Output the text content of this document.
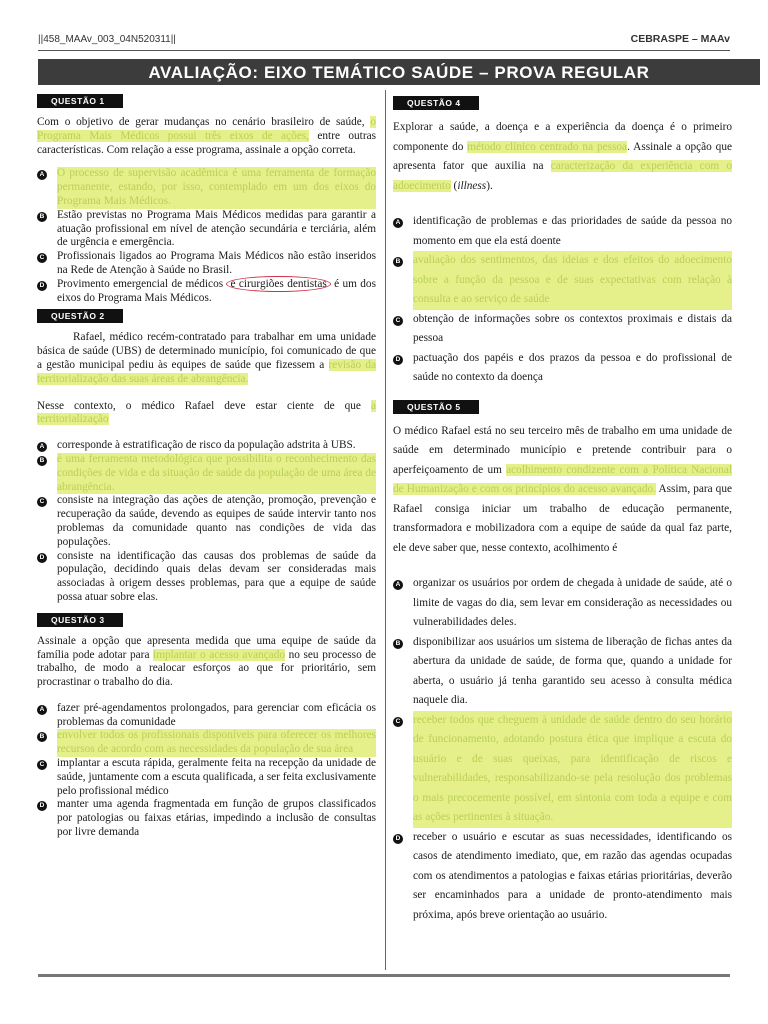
||458_MAAv_003_04N520311||	CEBRASPE – MAAv
AVALIAÇÃO: EIXO TEMÁTICO SAÚDE – PROVA REGULAR
QUESTÃO 1

Com o objetivo de gerar mudanças no cenário brasileiro de saúde, o Programa Mais Médicos possui três eixos de ações, entre outras características. Com relação a esse programa, assinale a opção correta.

A	O processo de supervisão acadêmica é uma ferramenta de formação permanente, estando, por isso, contemplado em um dos eixos do Programa Mais Médicos.
B	Estão previstas no Programa Mais Médicos medidas para garantir a atuação profissional em nível de atenção secundária e terciária, além de urgência e emergência.
C	Profissionais ligados ao Programa Mais Médicos não estão inseridos na Rede de Atenção à Saúde no Brasil.
D	Provimento emergencial de médicos e cirurgiões dentistas é um dos eixos do Programa Mais Médicos.
QUESTÃO 2

Rafael, médico recém-contratado para trabalhar em uma unidade básica de saúde (UBS) de determinado município, foi comunicado de que a gestão municipal pediu às equipes de saúde que fizessem a revisão da territorialização das suas áreas de abrangência.

Nesse contexto, o médico Rafael deve estar ciente de que a territorialização

A	corresponde à estratificação de risco da população adstrita à UBS.
B	é uma ferramenta metodológica que possibilita o reconhecimento das condições de vida e da situação de saúde da população de uma área de abrangência.
C	consiste na integração das ações de atenção, promoção, prevenção e recuperação da saúde, devendo as equipes de saúde intervir tanto nos problemas da comunidade quanto nas condições de vida das populações.
D	consiste na identificação das causas dos problemas de saúde da população, decidindo quais delas devam ser consideradas mais associadas à origem desses problemas, para que a equipe de saúde possa atuar sobre elas.
QUESTÃO 3

Assinale a opção que apresenta medida que uma equipe de saúde da família pode adotar para implantar o acesso avançado no seu processo de trabalho, de modo a realocar esforços ao que for prioritário, sem procrastinar o trabalho do dia.

A	fazer pré-agendamentos prolongados, para gerenciar com eficácia os problemas da comunidade
B	envolver todos os profissionais disponíveis para oferecer os melhores recursos de acordo com as necessidades da população de sua área
C	implantar a escuta rápida, geralmente feita na recepção da unidade de saúde, juntamente com a escuta qualificada, a ser feita exclusivamente pelo profissional médico
D	manter uma agenda fragmentada em função de grupos classificados por patologias ou faixas etárias, impedindo a inclusão de consultas por livre demanda
QUESTÃO 4

Explorar a saúde, a doença e a experiência da doença é o primeiro componente do método clínico centrado na pessoa. Assinale a opção que apresenta fator que auxilia na caracterização da experiência com o adoecimento (illness).

A	identificação de problemas e das prioridades de saúde da pessoa no momento em que ela está doente
B	avaliação dos sentimentos, das ideias e dos efeitos do adoecimento sobre a função da pessoa e de suas expectativas com relação à consulta e ao serviço de saúde
C	obtenção de informações sobre os contextos proximais e distais da pessoa
D	pactuação dos papéis e dos prazos da pessoa e do profissional de saúde no contexto da doença
QUESTÃO 5

O médico Rafael está no seu terceiro mês de trabalho em uma unidade de saúde em determinado município e pretende contribuir para o aperfeiçoamento de um acolhimento condizente com a Política Nacional de Humanização e com os princípios do acesso avançado. Assim, para que Rafael consiga iniciar um trabalho de educação permanente, transformadora e mobilizadora com a equipe de saúde da qual faz parte, ele deve saber que, nesse contexto, acolhimento é

A	organizar os usuários por ordem de chegada à unidade de saúde, até o limite de vagas do dia, sem levar em consideração as necessidades ou vulnerabilidades deles.
B	disponibilizar aos usuários um sistema de liberação de fichas antes da abertura da unidade de saúde, de forma que, quando a unidade for aberta, o usuário já tenha garantido seu acesso à consulta médica naquele dia.
C	receber todos que cheguem à unidade de saúde dentro do seu horário de funcionamento, adotando postura ética que implique a escuta do usuário e de suas queixas, para identificação de riscos e vulnerabilidades, responsabilizando-se pela resolução dos problemas o mais precocemente possível, em sintonia com toda a equipe e com as ações pertinentes à situação.
D	receber o usuário e escutar as suas necessidades, identificando os casos de atendimento imediato, que, em razão das agendas ocupadas com os atendimentos a patologias e faixas etárias prioritárias, deverão ser encaminhados para a unidade de pronto-atendimento mais próxima, após breve orientação ao usuário.
